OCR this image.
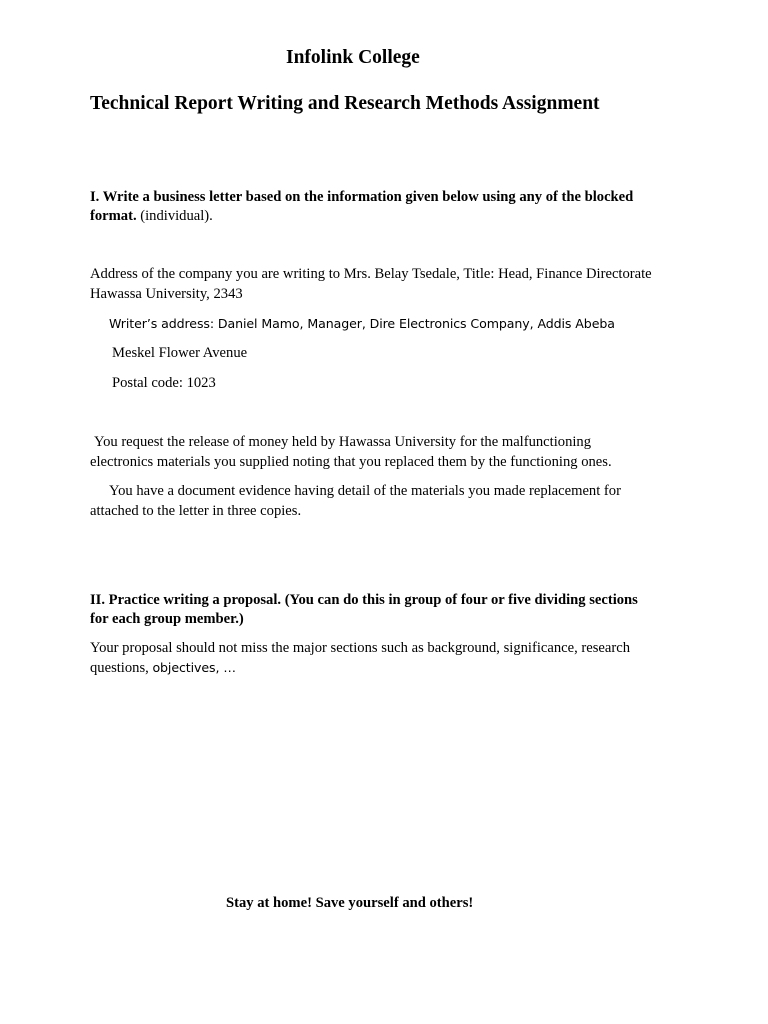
Infolink College
Technical Report Writing and Research Methods Assignment
I. Write a business letter based on the information given below using any of the blocked
format. (individual).
Address of the company you are writing to Mrs. Belay Tsedale, Title: Head, Finance Directorate
Hawassa University, 2343
Writer’s address: Daniel Mamo, Manager, Dire Electronics Company, Addis Abeba
Meskel Flower Avenue
Postal code: 1023
You request the release of money held by Hawassa University for the malfunctioning
electronics materials you supplied noting that you replaced them by the functioning ones.
You have a document evidence having detail of the materials you made replacement for
attached to the letter in three copies.
II. Practice writing a proposal. (You can do this in group of four or five dividing sections
for each group member.)
Your proposal should not miss the major sections such as background, significance, research
questions, objectives, …
Stay at home! Save yourself and others!
